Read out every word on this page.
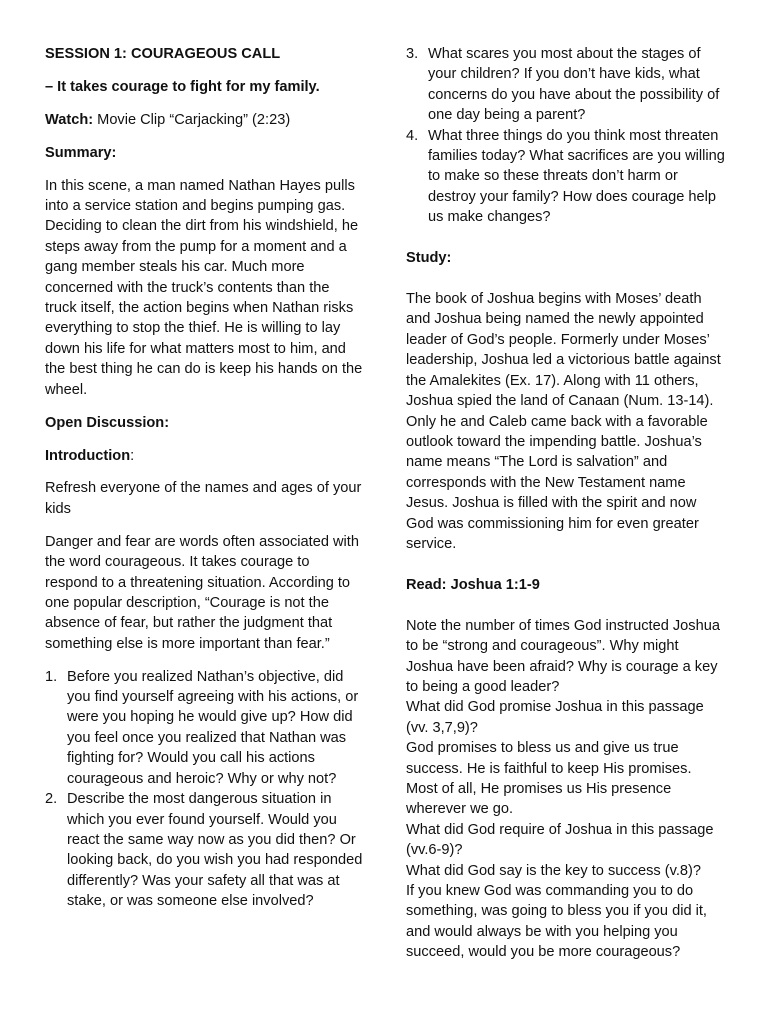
SESSION 1: COURAGEOUS CALL

– It takes courage to fight for my family.

Watch: Movie Clip “Carjacking” (2:23)

Summary:

In this scene, a man named Nathan Hayes pulls into a service station and begins pumping gas. Deciding to clean the dirt from his windshield, he steps away from the pump for a moment and a gang member steals his car. Much more concerned with the truck’s contents than the truck itself, the action begins when Nathan risks everything to stop the thief. He is willing to lay down his life for what matters most to him, and the best thing he can do is keep his hands on the wheel.

Open Discussion:

Introduction:

Refresh everyone of the names and ages of your kids

Danger and fear are words often associated with the word courageous. It takes courage to respond to a threatening situation. According to one popular description, “Courage is not the absence of fear, but rather the judgment that something else is more important than fear.”

1. Before you realized Nathan’s objective, did you find yourself agreeing with his actions, or were you hoping he would give up? How did you feel once you realized that Nathan was fighting for? Would you call his actions courageous and heroic? Why or why not?
2. Describe the most dangerous situation in which you ever found yourself. Would you react the same way now as you did then? Or looking back, do you wish you had responded differently? Was your safety all that was at stake, or was someone else involved?
3. What scares you most about the stages of your children? If you don’t have kids, what concerns do you have about the possibility of one day being a parent?
4. What three things do you think most threaten families today? What sacrifices are you willing to make so these threats don’t harm or destroy your family? How does courage help us make changes?

Study:

The book of Joshua begins with Moses’ death and Joshua being named the newly appointed leader of God’s people. Formerly under Moses’ leadership, Joshua led a victorious battle against the Amalekites (Ex. 17). Along with 11 others, Joshua spied the land of Canaan (Num. 13-14). Only he and Caleb came back with a favorable outlook toward the impending battle. Joshua’s name means “The Lord is salvation” and corresponds with the New Testament name Jesus. Joshua is filled with the spirit and now God was commissioning him for even greater service.

Read: Joshua 1:1-9

Note the number of times God instructed Joshua to be “strong and courageous”. Why might Joshua have been afraid? Why is courage a key to being a good leader?

What did God promise Joshua in this passage (vv. 3,7,9)?

God promises to bless us and give us true success. He is faithful to keep His promises. Most of all, He promises us His presence wherever we go.

What did God require of Joshua in this passage (vv.6-9)?

What did God say is the key to success (v.8)?

If you knew God was commanding you to do something, was going to bless you if you did it, and would always be with you helping you succeed, would you be more courageous?
